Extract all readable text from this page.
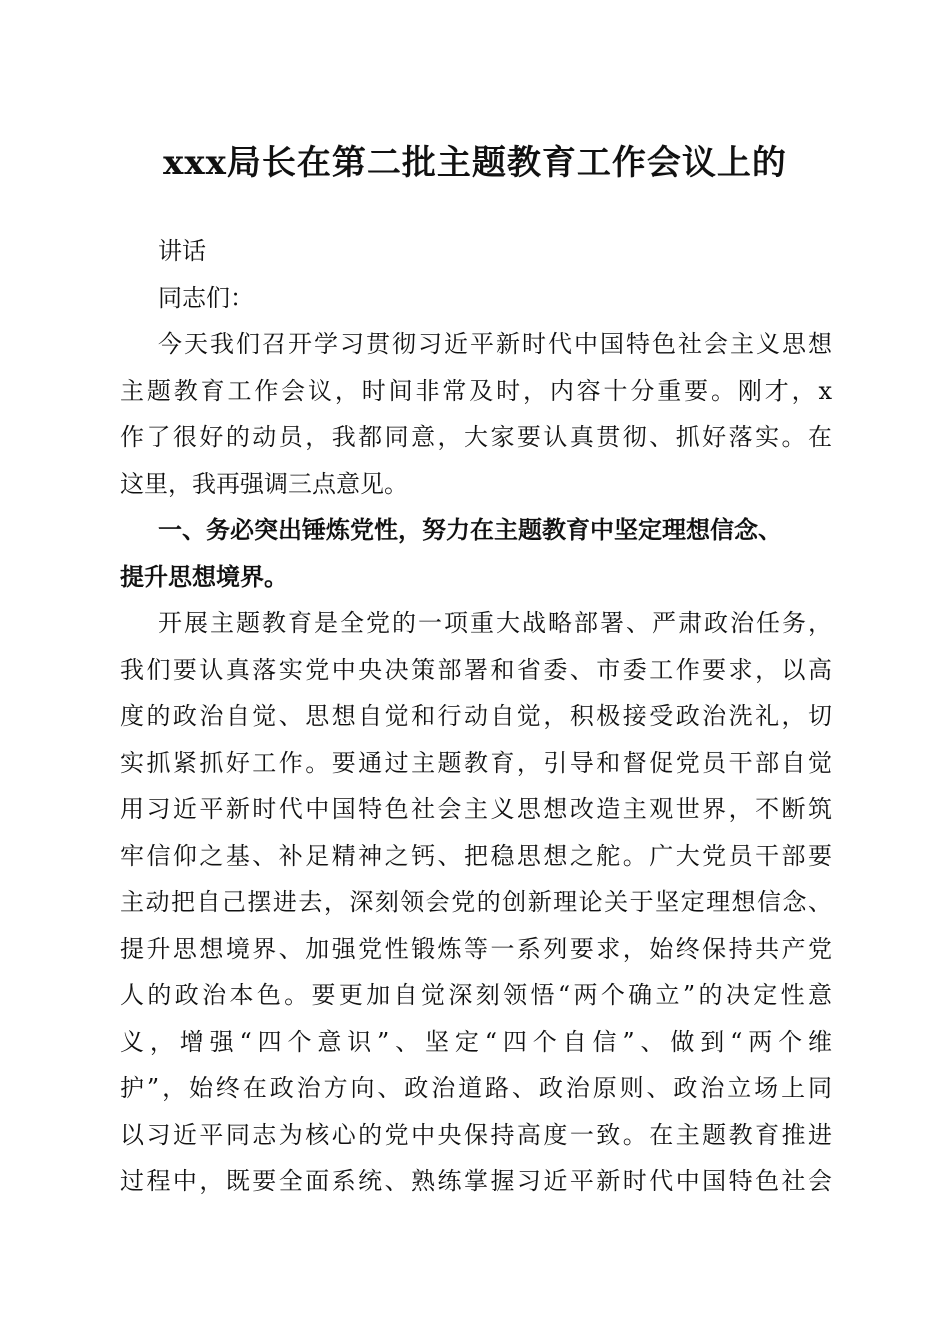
xxx局长在第二批主题教育工作会议上的
讲话
同志们：
今天我们召开学习贯彻习近平新时代中国特色社会主义思想
主题教育工作会议，时间非常及时，内容十分重要。刚才，x
作了很好的动员，我都同意，大家要认真贯彻、抓好落实。在
这里，我再强调三点意见。
一、务必突出锤炼党性，努力在主题教育中坚定理想信念、
提升思想境界。
开展主题教育是全党的一项重大战略部署、严肃政治任务，
我们要认真落实党中央决策部署和省委、市委工作要求，以高
度的政治自觉、思想自觉和行动自觉，积极接受政治洗礼，切
实抓紧抓好工作。要通过主题教育，引导和督促党员干部自觉
用习近平新时代中国特色社会主义思想改造主观世界，不断筑
牢信仰之基、补足精神之钙、把稳思想之舵。广大党员干部要
主动把自己摆进去，深刻领会党的创新理论关于坚定理想信念、
提升思想境界、加强党性锻炼等一系列要求，始终保持共产党
人的政治本色。要更加自觉深刻领悟“两个确立”的决定性意
义，增强“四个意识”、坚定“四个自信”、做到“两个维
护”，始终在政治方向、政治道路、政治原则、政治立场上同
以习近平同志为核心的党中央保持高度一致。在主题教育推进
过程中，既要全面系统、熟练掌握习近平新时代中国特色社会
